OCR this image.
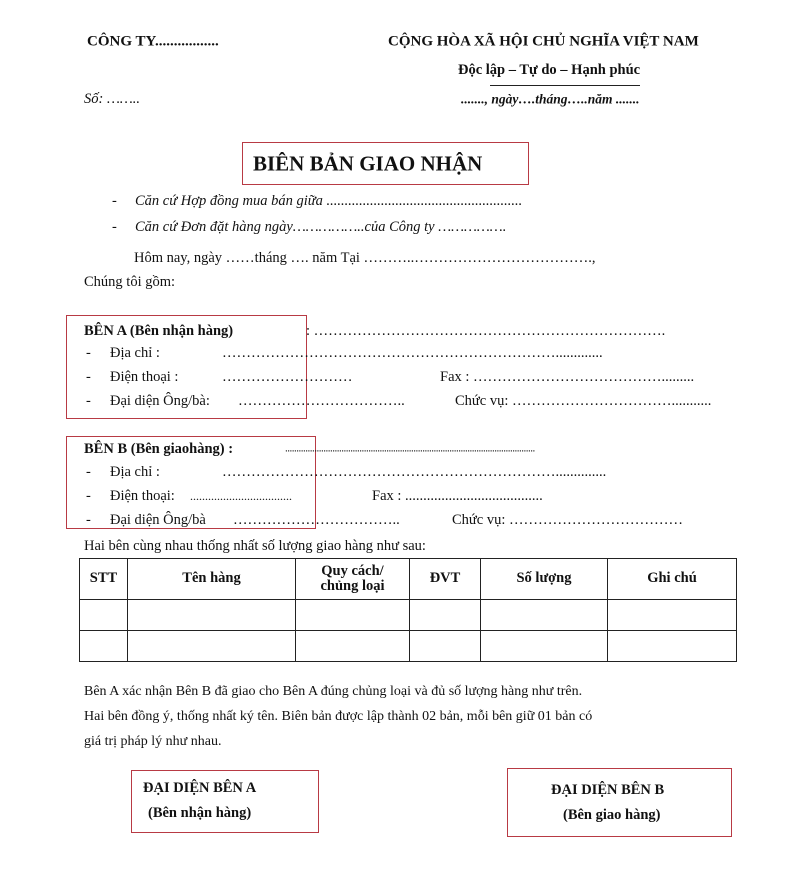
CÔNG TY.................	CỘNG HÒA XÃ HỘI CHỦ NGHĨA VIỆT NAM
Độc lập – Tự do – Hạnh phúc
Số: ……..	......., ngày….tháng…..năm .......
BIÊN BẢN GIAO NHẬN
- Căn cứ Hợp đồng mua bán giữa ......................................................
- Căn cứ Đơn đặt hàng ngày……………..của Công ty …………….
Hôm nay, ngày ……tháng …. năm Tại ………..……………………………….,
Chúng tôi gồm:
BÊN A (Bên nhận hàng)	: ……………………………………………………………….
- Địa chỉ :	…………………………………………………………….............
- Điện thoại :	………………………	Fax : ………………………………….........
- Đại diện Ông/bà: ……………………………..	Chức vụ: ……………………………...........
BÊN B (Bên giaohàng) :	...............................................................................................................
- Địa chỉ :	……………………………………………………………..............
- Điện thoại: ..................................	Fax : ......................................
- Đại diện Ông/bà ……………………………..	Chức vụ: ………………………………
Hai bên cùng nhau thống nhất số lượng giao hàng như sau:
STT	Tên hàng	Quy cách/
chủng loại	ĐVT	Số lượng	Ghi chú

Bên A xác nhận Bên B đã giao cho Bên A đúng chủng loại và đủ số lượng hàng như trên.
Hai bên đồng ý, thống nhất ký tên. Biên bản được lập thành 02 bản, mỗi bên giữ 01 bản có
giá trị pháp lý như nhau.
ĐẠI DIỆN BÊN A
(Bên nhận hàng)
ĐẠI DIỆN BÊN B
(Bên giao hàng)
